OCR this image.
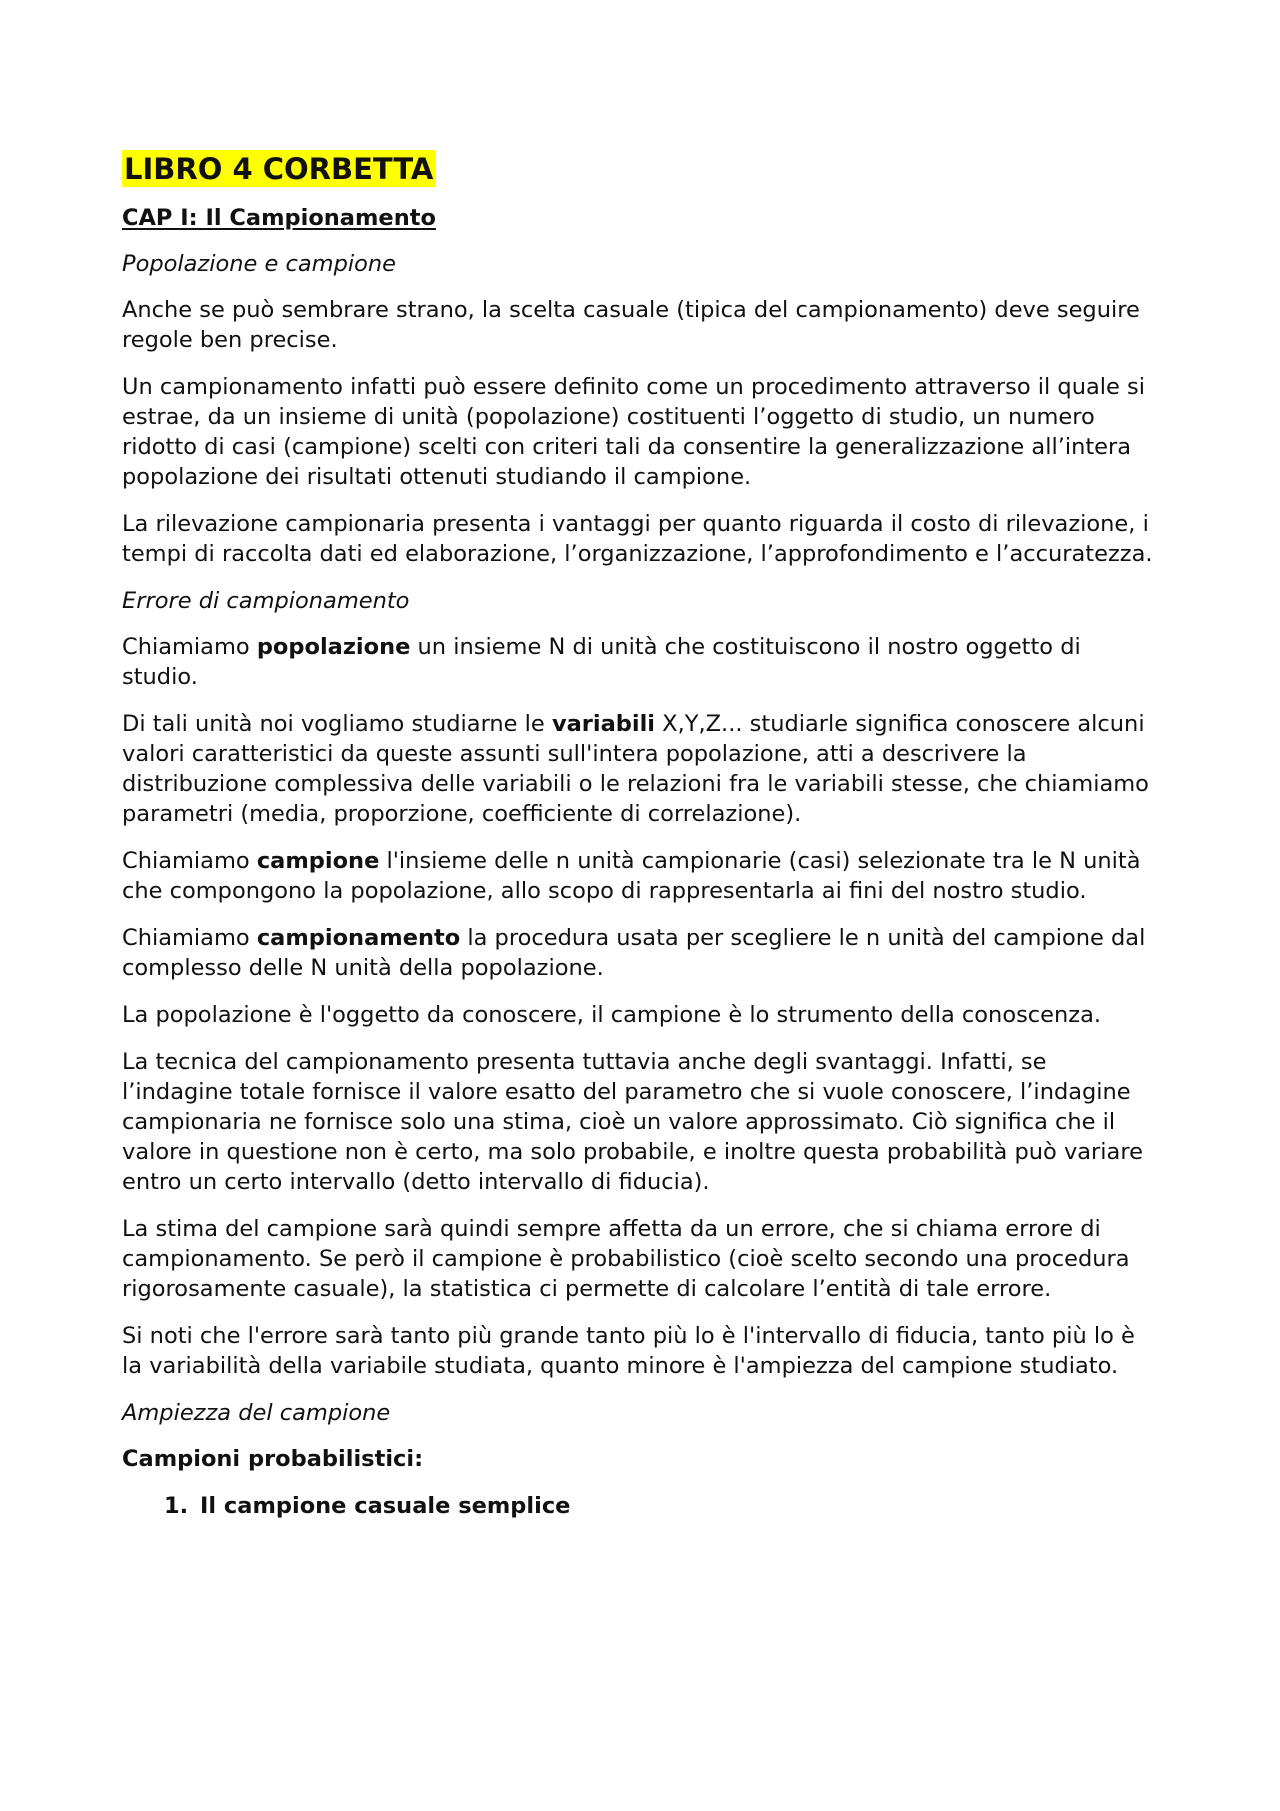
LIBRO 4 CORBETTA
CAP I: Il Campionamento
Popolazione e campione

Anche se può sembrare strano, la scelta casuale (tipica del campionamento) deve seguire regole ben precise.

Un campionamento infatti può essere definito come un procedimento attraverso il quale si estrae, da un insieme di unità (popolazione) costituenti l’oggetto di studio, un numero ridotto di casi (campione) scelti con criteri tali da consentire la generalizzazione all’intera popolazione dei risultati ottenuti studiando il campione.

La rilevazione campionaria presenta i vantaggi per quanto riguarda il costo di rilevazione, i tempi di raccolta dati ed elaborazione, l’organizzazione, l’approfondimento e l’accuratezza.

Errore di campionamento

Chiamiamo popolazione un insieme N di unità che costituiscono il nostro oggetto di studio.

Di tali unità noi vogliamo studiarne le variabili X,Y,Z... studiarle significa conoscere alcuni valori caratteristici da queste assunti sull'intera popolazione, atti a descrivere la distribuzione complessiva delle variabili o le relazioni fra le variabili stesse, che chiamiamo parametri (media, proporzione, coefficiente di correlazione).

Chiamiamo campione l'insieme delle n unità campionarie (casi) selezionate tra le N unità che compongono la popolazione, allo scopo di rappresentarla ai fini del nostro studio.

Chiamiamo campionamento la procedura usata per scegliere le n unità del campione dal complesso delle N unità della popolazione.

La popolazione è l'oggetto da conoscere, il campione è lo strumento della conoscenza.

La tecnica del campionamento presenta tuttavia anche degli svantaggi. Infatti, se l’indagine totale fornisce il valore esatto del parametro che si vuole conoscere, l’indagine campionaria ne fornisce solo una stima, cioè un valore approssimato. Ciò significa che il valore in questione non è certo, ma solo probabile, e inoltre questa probabilità può variare entro un certo intervallo (detto intervallo di fiducia).

La stima del campione sarà quindi sempre affetta da un errore, che si chiama errore di campionamento. Se però il campione è probabilistico (cioè scelto secondo una procedura rigorosamente casuale), la statistica ci permette di calcolare l’entità di tale errore.

Si noti che l'errore sarà tanto più grande tanto più lo è l'intervallo di fiducia, tanto più lo è la variabilità della variabile studiata, quanto minore è l'ampiezza del campione studiato.

Ampiezza del campione

Campioni probabilistici:

1. Il campione casuale semplice
